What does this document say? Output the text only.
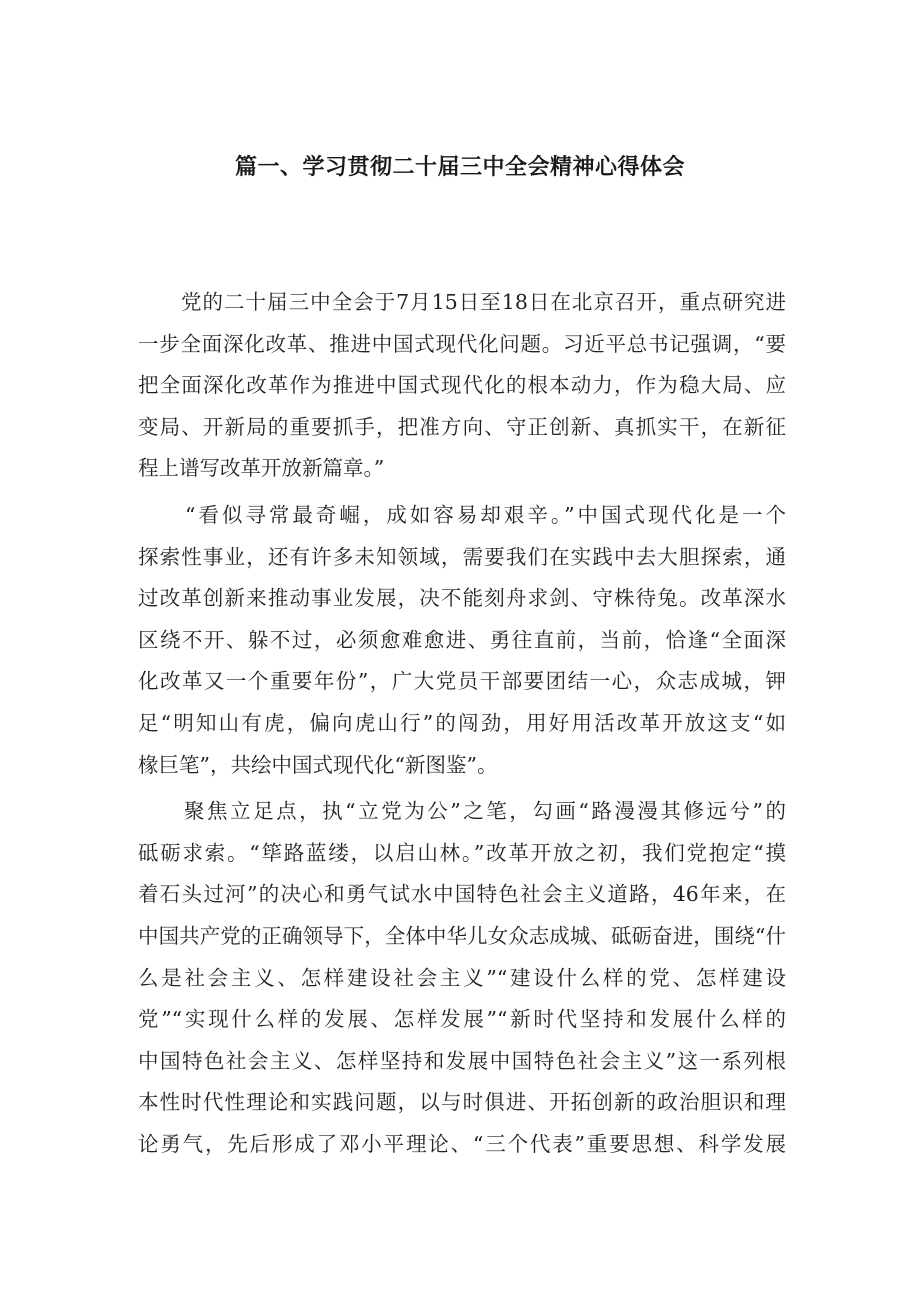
篇一、学习贯彻二十届三中全会精神心得体会
　　党的二十届三中全会于7月15日至18日在北京召开，重点研究进
一步全面深化改革、推进中国式现代化问题。习近平总书记强调，“要
把全面深化改革作为推进中国式现代化的根本动力，作为稳大局、应
变局、开新局的重要抓手，把准方向、守正创新、真抓实干，在新征
程上谱写改革开放新篇章。”
　　“看似寻常最奇崛，成如容易却艰辛。”中国式现代化是一个
探索性事业，还有许多未知领域，需要我们在实践中去大胆探索，通
过改革创新来推动事业发展，决不能刻舟求剑、守株待兔。改革深水
区绕不开、躲不过，必须愈难愈进、勇往直前，当前，恰逢“全面深
化改革又一个重要年份”，广大党员干部要团结一心，众志成城，钾
足“明知山有虎，偏向虎山行”的闯劲，用好用活改革开放这支“如
椽巨笔”，共绘中国式现代化“新图鉴”。
　　聚焦立足点，执“立党为公”之笔，勾画“路漫漫其修远兮”的
砥砺求索。“筚路蓝缕，以启山林。”改革开放之初，我们党抱定“摸
着石头过河”的决心和勇气试水中国特色社会主义道路，46年来，在
中国共产党的正确领导下，全体中华儿女众志成城、砥砺奋进，围绕“什
么是社会主义、怎样建设社会主义”“建设什么样的党、怎样建设
党”“实现什么样的发展、怎样发展”“新时代坚持和发展什么样的
中国特色社会主义、怎样坚持和发展中国特色社会主义”这一系列根
本性时代性理论和实践问题，以与时俱进、开拓创新的政治胆识和理
论勇气，先后形成了邓小平理论、“三个代表”重要思想、科学发展
